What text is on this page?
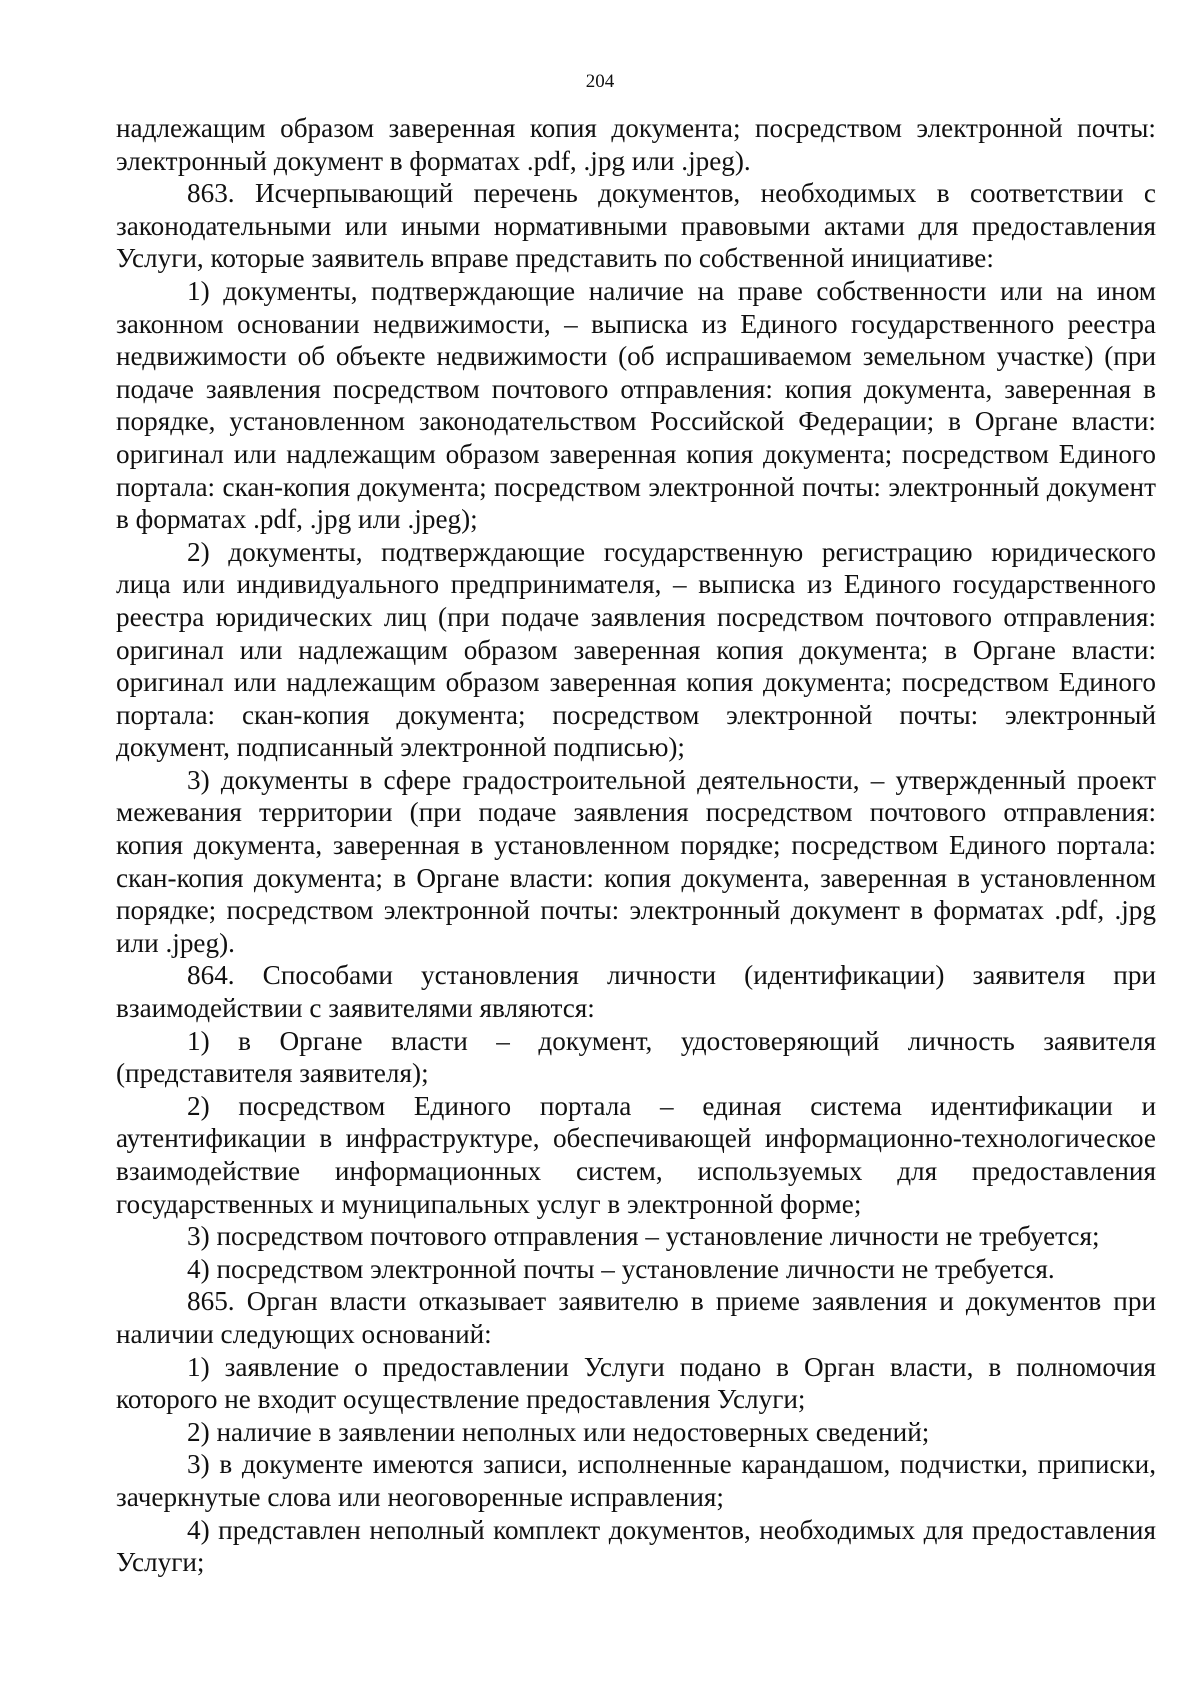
204

надлежащим образом заверенная копия документа; посредством электронной почты: электронный документ в форматах .pdf, .jpg или .jpeg).

863. Исчерпывающий перечень документов, необходимых в соответствии с законодательными или иными нормативными правовыми актами для предоставления Услуги, которые заявитель вправе представить по собственной инициативе:

1) документы, подтверждающие наличие на праве собственности или на ином законном основании недвижимости, – выписка из Единого государственного реестра недвижимости об объекте недвижимости (об испрашиваемом земельном участке) (при подаче заявления посредством почтового отправления: копия документа, заверенная в порядке, установленном законодательством Российской Федерации; в Органе власти: оригинал или надлежащим образом заверенная копия документа; посредством Единого портала: скан-копия документа; посредством электронной почты: электронный документ в форматах .pdf, .jpg или .jpeg);

2) документы, подтверждающие государственную регистрацию юридического лица или индивидуального предпринимателя, – выписка из Единого государственного реестра юридических лиц (при подаче заявления посредством почтового отправления: оригинал или надлежащим образом заверенная копия документа; в Органе власти: оригинал или надлежащим образом заверенная копия документа; посредством Единого портала: скан-копия документа; посредством электронной почты: электронный документ, подписанный электронной подписью);

3) документы в сфере градостроительной деятельности, – утвержденный проект межевания территории (при подаче заявления посредством почтового отправления: копия документа, заверенная в установленном порядке; посредством Единого портала: скан-копия документа; в Органе власти: копия документа, заверенная в установленном порядке; посредством электронной почты: электронный документ в форматах .pdf, .jpg или .jpeg).

864. Способами установления личности (идентификации) заявителя при взаимодействии с заявителями являются:

1) в Органе власти – документ, удостоверяющий личность заявителя (представителя заявителя);

2) посредством Единого портала – единая система идентификации и аутентификации в инфраструктуре, обеспечивающей информационно-технологическое взаимодействие информационных систем, используемых для предоставления государственных и муниципальных услуг в электронной форме;

3) посредством почтового отправления – установление личности не требуется;

4) посредством электронной почты – установление личности не требуется.

865. Орган власти отказывает заявителю в приеме заявления и документов при наличии следующих оснований:

1) заявление о предоставлении Услуги подано в Орган власти, в полномочия которого не входит осуществление предоставления Услуги;

2) наличие в заявлении неполных или недостоверных сведений;

3) в документе имеются записи, исполненные карандашом, подчистки, приписки, зачеркнутые слова или неоговоренные исправления;

4) представлен неполный комплект документов, необходимых для предоставления Услуги;
